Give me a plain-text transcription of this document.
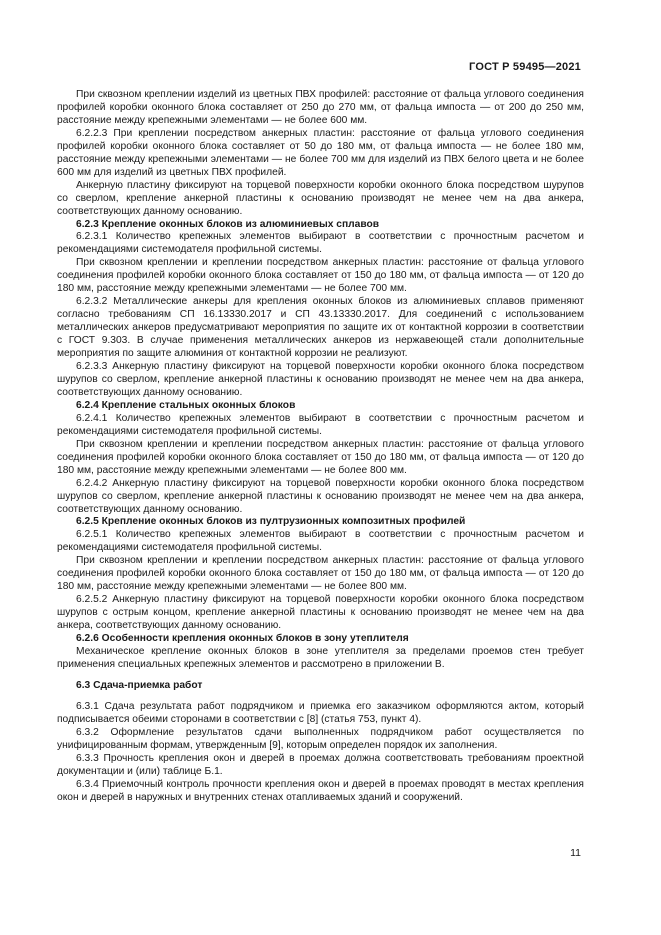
ГОСТ Р 59495—2021

При сквозном креплении изделий из цветных ПВХ профилей: расстояние от фальца углового соединения профилей коробки оконного блока составляет от 250 до 270 мм, от фальца импоста — от 200 до 250 мм, расстояние между крепежными элементами — не более 600 мм.

6.2.2.3 При креплении посредством анкерных пластин: расстояние от фальца углового соединения профилей коробки оконного блока составляет от 50 до 180 мм, от фальца импоста — не более 180 мм, расстояние между крепежными элементами — не более 700 мм для изделий из ПВХ белого цвета и не более 600 мм для изделий из цветных ПВХ профилей.

Анкерную пластину фиксируют на торцевой поверхности коробки оконного блока посредством шурупов со сверлом, крепление анкерной пластины к основанию производят не менее чем на два анкера, соответствующих данному основанию.

6.2.3 Крепление оконных блоков из алюминиевых сплавов

6.2.3.1 Количество крепежных элементов выбирают в соответствии с прочностным расчетом и рекомендациями системодателя профильной системы.

При сквозном креплении и креплении посредством анкерных пластин: расстояние от фальца углового соединения профилей коробки оконного блока составляет от 150 до 180 мм, от фальца импоста — от 120 до 180 мм, расстояние между крепежными элементами — не более 700 мм.

6.2.3.2 Металлические анкеры для крепления оконных блоков из алюминиевых сплавов применяют согласно требованиям СП 16.13330.2017 и СП 43.13330.2017. Для соединений с использованием металлических анкеров предусматривают мероприятия по защите их от контактной коррозии в соответствии с ГОСТ 9.303. В случае применения металлических анкеров из нержавеющей стали дополнительные мероприятия по защите алюминия от контактной коррозии не реализуют.

6.2.3.3 Анкерную пластину фиксируют на торцевой поверхности коробки оконного блока посредством шурупов со сверлом, крепление анкерной пластины к основанию производят не менее чем на два анкера, соответствующих данному основанию.

6.2.4 Крепление стальных оконных блоков

6.2.4.1 Количество крепежных элементов выбирают в соответствии с прочностным расчетом и рекомендациями системодателя профильной системы.

При сквозном креплении и креплении посредством анкерных пластин: расстояние от фальца углового соединения профилей коробки оконного блока составляет от 150 до 180 мм, от фальца импоста — от 120 до 180 мм, расстояние между крепежными элементами — не более 800 мм.

6.2.4.2 Анкерную пластину фиксируют на торцевой поверхности коробки оконного блока посредством шурупов со сверлом, крепление анкерной пластины к основанию производят не менее чем на два анкера, соответствующих данному основанию.

6.2.5 Крепление оконных блоков из пултрузионных композитных профилей

6.2.5.1 Количество крепежных элементов выбирают в соответствии с прочностным расчетом и рекомендациями системодателя профильной системы.

При сквозном креплении и креплении посредством анкерных пластин: расстояние от фальца углового соединения профилей коробки оконного блока составляет от 150 до 180 мм, от фальца импоста — от 120 до 180 мм, расстояние между крепежными элементами — не более 800 мм.

6.2.5.2 Анкерную пластину фиксируют на торцевой поверхности коробки оконного блока посредством шурупов с острым концом, крепление анкерной пластины к основанию производят не менее чем на два анкера, соответствующих данному основанию.

6.2.6 Особенности крепления оконных блоков в зону утеплителя

Механическое крепление оконных блоков в зоне утеплителя за пределами проемов стен требует применения специальных крепежных элементов и рассмотрено в приложении В.

6.3 Сдача-приемка работ

6.3.1 Сдача результата работ подрядчиком и приемка его заказчиком оформляются актом, который подписывается обеими сторонами в соответствии с [8] (статья 753, пункт 4).

6.3.2 Оформление результатов сдачи выполненных подрядчиком работ осуществляется по унифицированным формам, утвержденным [9], которым определен порядок их заполнения.

6.3.3 Прочность крепления окон и дверей в проемах должна соответствовать требованиям проектной документации и (или) таблице Б.1.

6.3.4 Приемочный контроль прочности крепления окон и дверей в проемах проводят в местах крепления окон и дверей в наружных и внутренних стенах отапливаемых зданий и сооружений.

11
